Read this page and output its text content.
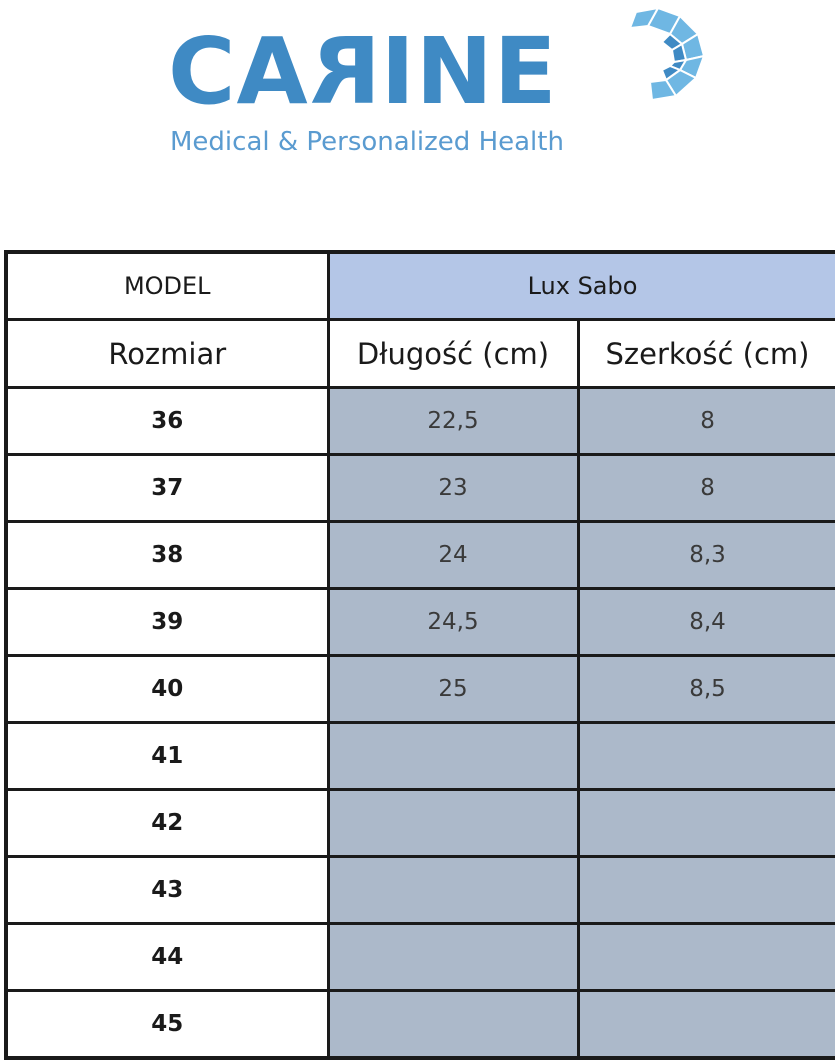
CARINE
Medical & Personalized Health
MODEL	Lux Sabo	
Rozmiar	Długość (cm)	Szerkość (cm)
36	22,5	8
37	23	8
38	24	8,3
39	24,5	8,4
40	25	8,5
41		
42		
43		
44		
45		
